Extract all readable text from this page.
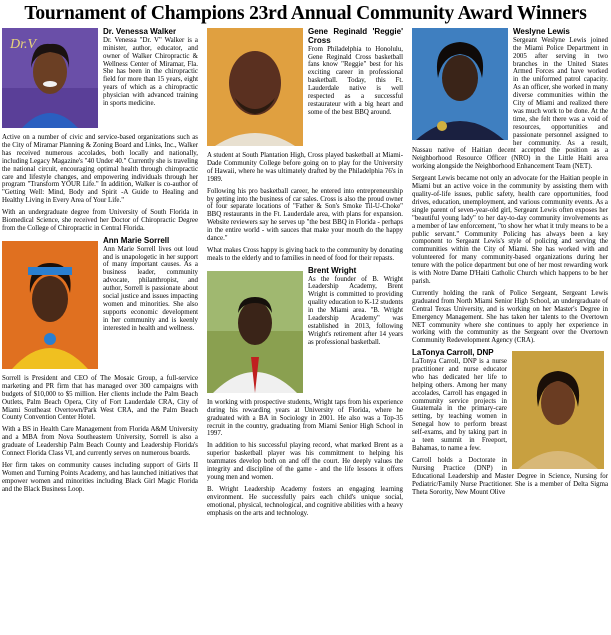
Tournament of Champions 23rd Annual Community Award Winners
Dr.V
Dr. Venessa Walker

Dr. Venessa "Dr. V" Walker is a minister, author, educator, and owner of Walker Chiropractic & Wellness Center of Miramar, Fla. She has been in the chiropractic field for more than 15 years, eight years of which as a chiropractic physician with advanced training in sports medicine.

Active on a number of civic and service-based organizations such as the City of Miramar Planning & Zoning Board and Links, Inc., Walker has received numerous accolades, both locally and nationally, including Legacy Magazine's "40 Under 40." Currently she is traveling the national circuit, encouraging optimal health through chiropractic care and lifestyle changes, and empowering individuals through her program "Transform YOUR Life." In addition, Walker is co-author of "Getting Well: Mind, Body and Spirit -A Guide to Healing and Healthy Living in Every Area of Your Life."

With an undergraduate degree from University of South Florida in Biomedical Science, she received her Doctor of Chiropractic Degree from the College of Chiropractic in Central Florida.

Ann Marie Sorrell

Ann Marie Sorrell lives out loud and is unapologetic in her support of many important causes. As a business leader, community advocate, philanthropist, and author, Sorrell is passionate about social justice and issues impacting women and minorities. She also supports economic development in her community and is keenly interested in health and wellness.

Sorrell is President and CEO of The Mosaic Group, a full-service marketing and PR firm that has managed over 300 campaigns with budgets of $10,000 to $5 million. Her clients include the Palm Beach Outlets, Palm Beach Opera, City of Fort Lauderdale CRA, City of Miami Southeast Overtown/Park West CRA, and the Palm Beach County Convention Center Hotel.

With a BS in Health Care Management from Florida A&M University and a MBA from Nova Southeastern University, Sorrell is also a graduate of Leadership Palm Beach County and Leadership Florida's Connect Florida Class VI, and currently serves on numerous boards.

Her firm takes on community causes including support of Girls II Women and Turning Points Academy, and has launched initiatives that empower women and minorities including Black Girl Magic Florida and the Black Business Loop.

Gene Reginald 'Reggie' Cross

From Philadelphia to Honolulu, Gene Reginald Cross basketball fans know "Reggie" best for his exciting career in professional basketball. Today, this Ft. Lauderdale native is well respected as a successful restaurateur with a big heart and some of the best BBQ around.

A student at South Plantation High, Cross played basketball at Miami-Dade Community College before going on to play for the University of Hawaii, where he was ultimately drafted by the Philadelphia 76's in 1989.

Following his pro basketball career, he entered into entrepreneurship by getting into the business of car sales. Cross is also the proud owner of four separate locations of "Father & Son's Smoke Til-U-Choke" BBQ restaurants in the Ft. Lauderdale area, with plans for expansion. Website reviewers say he serves up "the best BBQ in Florida - perhaps in the entire world - with sauces that make your mouth do the happy dance."

What makes Cross happy is giving back to the community by donating meals to the elderly and to families in need of food for their repasts.

Brent Wright

As the founder of B. Wright Leadership Academy, Brent Wright is committed to providing quality education to K-12 students in the Miami area. "B. Wright Leadership Academy" was established in 2013, following Wright's retirement after 14 years as professional basketball.

In working with prospective students, Wright taps from his experience during his rewarding years at University of Florida, where he graduated with a BA in Sociology in 2001. He also was a Top-35 recruit in the country, graduating from Miami Senior High School in 1997.

In addition to his successful playing record, what marked Brent as a superior basketball player was his commitment to helping his teammates develop both on and off the court. He deeply values the integrity and discipline of the game - and the life lessons it offers young men and women.

B. Wright Leadership Academy fosters an engaging learning environment. He successfully pairs each child's unique social, emotional, physical, technological, and cognitive abilities with a heavy emphasis on the arts and technology.

Weslyne Lewis

Sergeant Weslyne Lewis joined the Miami Police Department in 2005 after serving in two branches in the United States Armed Forces and have worked in the uniformed patrol capacity. As an officer, she worked in many diverse communities within the City of Miami and realized there was much work to be done. At the time, she felt there was a void of resources, opportunities and passionate personnel assigned to her community. As a result, Nassau native of Haitian decent accepted the position as a Neighborhood Resource Officer (NRO) in the Little Haiti area working alongside the Neighborhood Enhancement Team (NET).

Sergeant Lewis became not only an advocate for the Haitian people in Miami but an active voice in the community by assisting them with quality-of-life issues, public safety, health care opportunities, food drives, education, unemployment, and various community events. As a single parent of seven-year-old girl, Sergeant Lewis often exposes her "beautiful young lady" to her day-to-day community involvements as a member of law enforcement, "to show her what it truly means to be a public servant." Community Policing has always been a key component to Sergeant Lewis's style of policing and serving the communities within the City of Miami. She has worked with and volunteered for many community-based organizations during her tenure with the police department but one of her most rewarding work is with Notre Dame D'Haiti Catholic Church which happens to be her parish.

Currently holding the rank of Police Sergeant, Sergeant Lewis graduated from North Miami Senior High School, an undergraduate of Central Texas University, and is working on her Master's Degree in Emergency Management. She has taken her talents to the Overtown NET community where she continues to apply her experience in working with the community as the Sergeant over the Overtown Community Redevelopment Agency (CRA).

LaTonya Carroll, DNP

LaTonya Carroll, DNP is a nurse practitioner and nurse educator who has dedicated her life to helping others. Among her many accolades, Carroll has engaged in community service projects in Guatemala in the primary-care setting, by teaching women in Senegal how to perform breast self-exams, and by taking part in a teen summit in Freeport, Bahamas, to name a few.

Carroll holds a Doctorate in Nursing Practice (DNP) in Educational Leadership and Master Degree in Science, Nursing for Pediatric/Family Nurse Practitioner. She is a member of Delta Sigma Theta Sorority, New Mount Olive
